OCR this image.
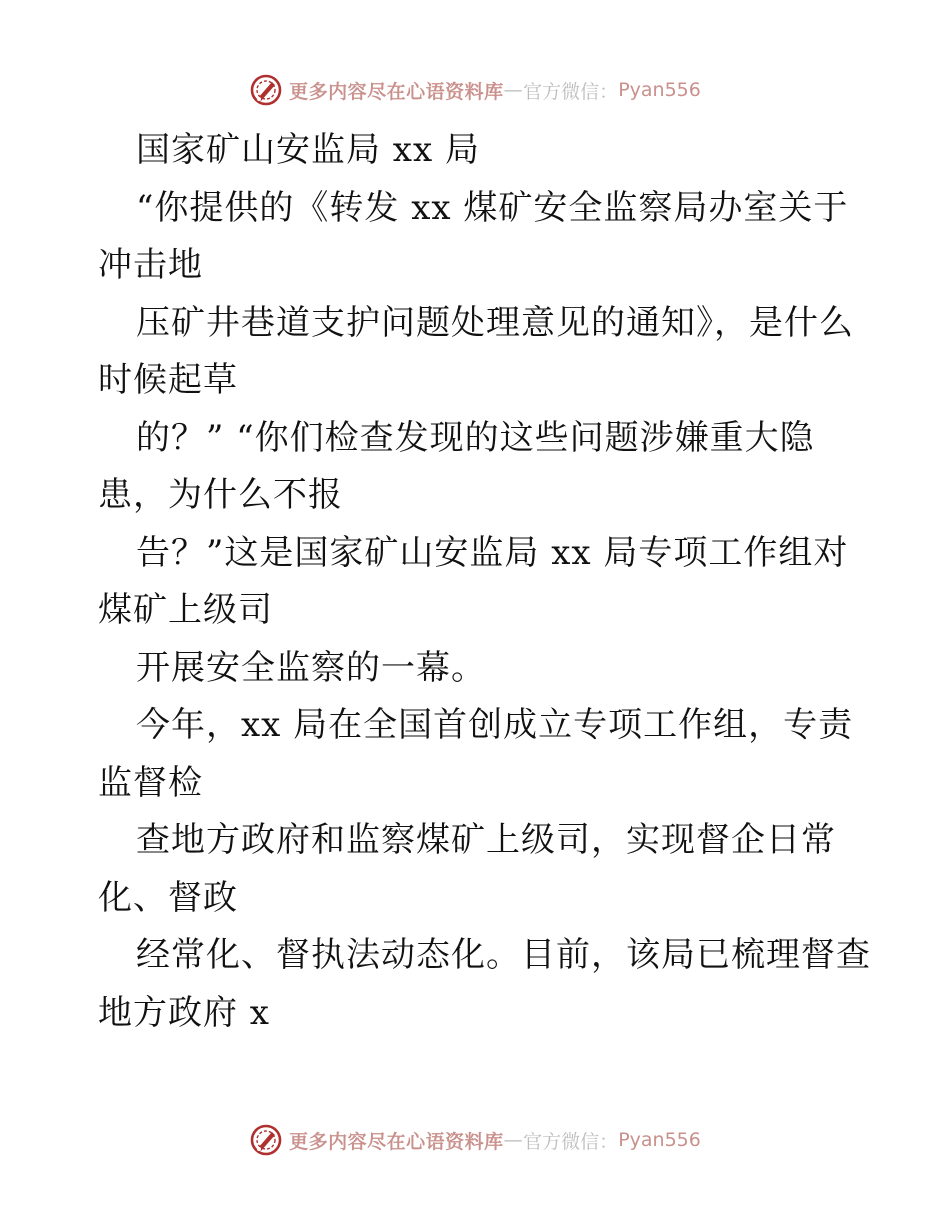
更多内容尽在心语资料库 — 官方微信： Pyan556
国家矿山安监局 xx 局
“你提供的《转发 xx 煤矿安全监察局办室关于
冲击地
压矿井巷道支护问题处理意见的通知》，是什么
时候起草
的？” “你们检查发现的这些问题涉嫌重大隐
患，为什么不报
告？”这是国家矿山安监局 xx 局专项工作组对
煤矿上级司
开展安全监察的一幕。
今年，xx 局在全国首创成立专项工作组，专责
监督检
查地方政府和监察煤矿上级司，实现督企日常
化、督政
经常化、督执法动态化。目前，该局已梳理督查
地方政府 x
更多内容尽在心语资料库 — 官方微信： Pyan556
